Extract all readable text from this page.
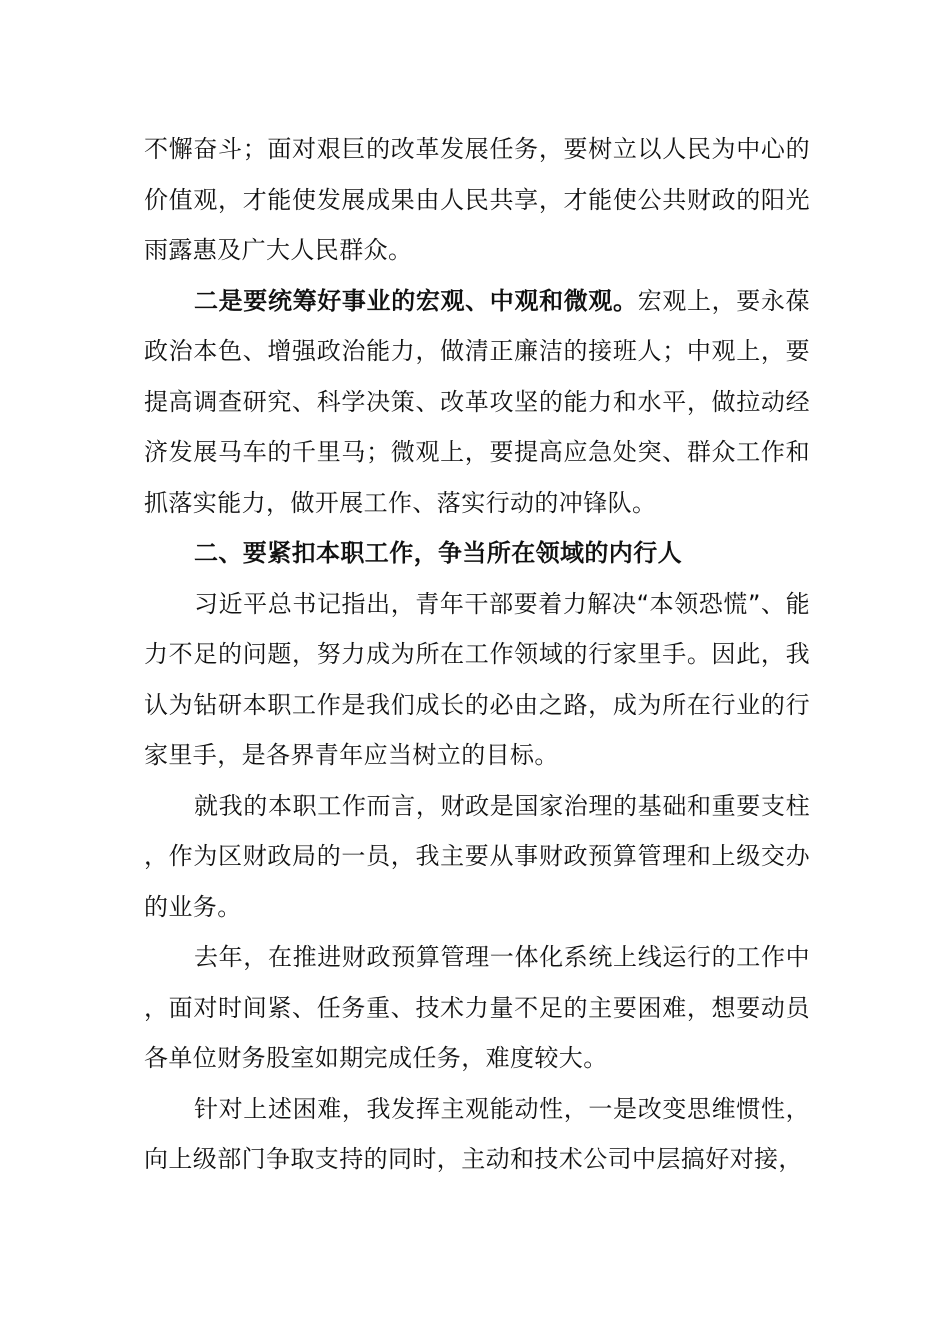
不懈奋斗；面对艰巨的改革发展任务，要树立以人民为中心的价值观，才能使发展成果由人民共享，才能使公共财政的阳光雨露惠及广大人民群众。

二是要统筹好事业的宏观、中观和微观。宏观上，要永葆政治本色、增强政治能力，做清正廉洁的接班人；中观上，要提高调查研究、科学决策、改革攻坚的能力和水平，做拉动经济发展马车的千里马；微观上，要提高应急处突、群众工作和抓落实能力，做开展工作、落实行动的冲锋队。

二、要紧扣本职工作，争当所在领域的内行人

习近平总书记指出，青年干部要着力解决“本领恐慌”、能力不足的问题，努力成为所在工作领域的行家里手。因此，我认为钻研本职工作是我们成长的必由之路，成为所在行业的行家里手，是各界青年应当树立的目标。

就我的本职工作而言，财政是国家治理的基础和重要支柱，作为区财政局的一员，我主要从事财政预算管理和上级交办的业务。

去年，在推进财政预算管理一体化系统上线运行的工作中，面对时间紧、任务重、技术力量不足的主要困难，想要动员各单位财务股室如期完成任务，难度较大。

针对上述困难，我发挥主观能动性，一是改变思维惯性，向上级部门争取支持的同时，主动和技术公司中层搞好对接，
